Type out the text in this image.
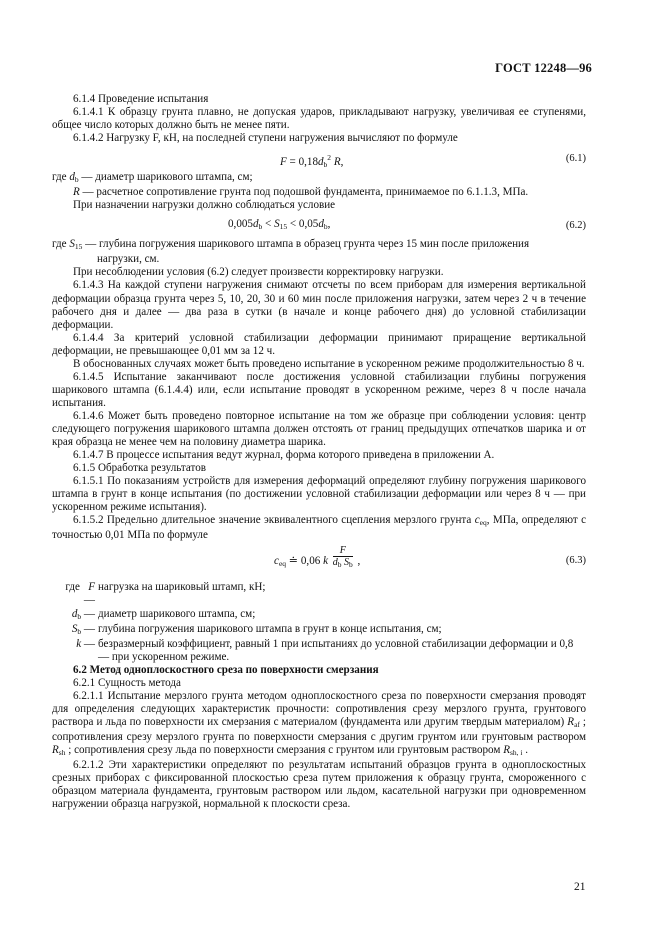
ГОСТ 12248—96

6.1.4 Проведение испытания

6.1.4.1 К образцу грунта плавно, не допуская ударов, прикладывают нагрузку, увеличивая ее ступенями, общее число которых должно быть не менее пяти.

6.1.4.2 Нагрузку F, кН, на последней ступени нагружения вычисляют по формуле

$F = 0,18d_b^2$ R,	(6.1)

где $d_b$ — диаметр шарикового штампа, см;

R — расчетное сопротивление грунта под подошвой фундамента, принимаемое по 6.1.1.3, МПа.

При назначении нагрузки должно соблюдаться условие

$0,005d_b < S_{15} < 0,05d_b$,	(6.2)

где $S_{15}$ — глубина погружения шарикового штампа в образец грунта через 15 мин после приложения

нагрузки, см.

При несоблюдении условия (6.2) следует произвести корректировку нагрузки.

6.1.4.3 На каждой ступени нагружения снимают отсчеты по всем приборам для измерения вертикальной деформации образца грунта через 5, 10, 20, 30 и 60 мин после приложения нагрузки, затем через 2 ч в течение рабочего дня и далее — два раза в сутки (в начале и конце рабочего дня) до условной стабилизации деформации.

6.1.4.4 За критерий условной стабилизации деформации принимают приращение вертикальной деформации, не превышающее 0,01 мм за 12 ч.

В обоснованных случаях может быть проведено испытание в ускоренном режиме продолжительностью 8 ч.

6.1.4.5 Испытание заканчивают после достижения условной стабилизации глубины погружения шарикового штампа (6.1.4.4) или, если испытание проводят в ускоренном режиме, через 8 ч после начала испытания.

6.1.4.6 Может быть проведено повторное испытание на том же образце при соблюдении условия: центр следующего погружения шарикового штампа должен отстоять от границ предыдущих отпечатков шарика и от края образца не менее чем на половину диаметра шарика.

6.1.4.7 В процессе испытания ведут журнал, форма которого приведена в приложении А.

6.1.5 Обработка результатов

6.1.5.1 По показаниям устройств для измерения деформаций определяют глубину погружения шарикового штампа в грунт в конце испытания (по достижении условной стабилизации деформации или через 8 ч — при ускоренном режиме испытания).

6.1.5.2 Предельно длительное значение эквивалентного сцепления мерзлого грунта $c_{eq}$, МПа, определяют с точностью 0,01 МПа по формуле

$c_{eq}$ ≐ 0,06 k $\frac{F}{d_b S_b}$ ,	(6.3)
где   F —
нагрузка на шариковый штамп, кН;
$d_b$ — диаметр шарикового штампа, см;
$S_b$ — глубина погружения шарикового штампа в грунт в конце испытания, см;
k — безразмерный коэффициент, равный 1 при испытаниях до условной стабилизации деформации и 0,8 — при ускоренном режиме.

6.2 Метод одноплоскостного среза по поверхности смерзания

6.2.1 Сущность метода

6.2.1.1 Испытание мерзлого грунта методом одноплоскостного среза по поверхности смерзания проводят для определения следующих характеристик прочности: сопротивления срезу мерзлого грунта, грунтового раствора и льда по поверхности их смерзания с материалом (фундамента или другим твердым материалом) $R_{af}$ ; сопротивления срезу мерзлого грунта по поверхности смерзания с другим грунтом или грунтовым раствором $R_{sh}$ ; сопротивления срезу льда по поверхности смерзания с грунтом или грунтовым раствором $R_{sh, i}$ .

6.2.1.2 Эти характеристики определяют по результатам испытаний образцов грунта в одноплоскостных срезных приборах с фиксированной плоскостью среза путем приложения к образцу грунта, смороженного с образцом материала фундамента, грунтовым раствором или льдом, касательной нагрузки при одновременном нагружении образца нагрузкой, нормальной к плоскости среза.

21
